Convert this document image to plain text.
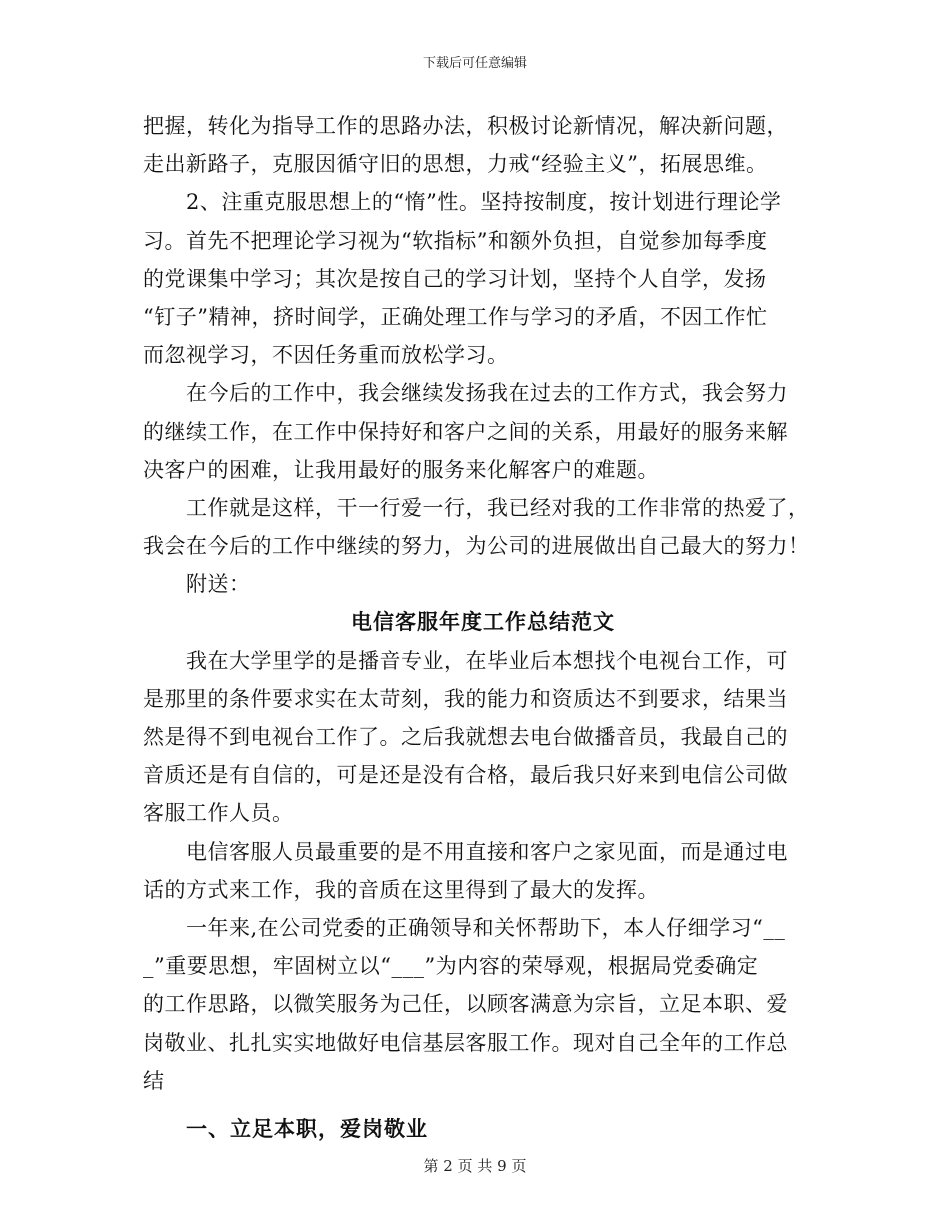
下载后可任意编辑
把握，转化为指导工作的思路办法，积极讨论新情况，解决新问题，
走出新路子，克服因循守旧的思想，力戒“经验主义”，拓展思维。
2、注重克服思想上的“惰”性。坚持按制度，按计划进行理论学
习。首先不把理论学习视为“软指标”和额外负担，自觉参加每季度
的党课集中学习；其次是按自己的学习计划，坚持个人自学，发扬
“钉子”精神，挤时间学，正确处理工作与学习的矛盾，不因工作忙
而忽视学习，不因任务重而放松学习。
在今后的工作中，我会继续发扬我在过去的工作方式，我会努力
的继续工作，在工作中保持好和客户之间的关系，用最好的服务来解
决客户的困难，让我用最好的服务来化解客户的难题。
工作就是这样，干一行爱一行，我已经对我的工作非常的热爱了，
我会在今后的工作中继续的努力，为公司的进展做出自己最大的努力！
附送：
电信客服年度工作总结范文
我在大学里学的是播音专业，在毕业后本想找个电视台工作，可
是那里的条件要求实在太苛刻，我的能力和资质达不到要求，结果当
然是得不到电视台工作了。之后我就想去电台做播音员，我最自己的
音质还是有自信的，可是还是没有合格，最后我只好来到电信公司做
客服工作人员。
电信客服人员最重要的是不用直接和客户之家见面，而是通过电
话的方式来工作，我的音质在这里得到了最大的发挥。
一年来,在公司党委的正确领导和关怀帮助下，本人仔细学习“__
_”重要思想，牢固树立以“___”为内容的荣辱观，根据局党委确定
的工作思路，以微笑服务为己任，以顾客满意为宗旨，立足本职、爱
岗敬业、扎扎实实地做好电信基层客服工作。现对自己全年的工作总
结
一、立足本职，爱岗敬业
第 2 页 共 9 页
